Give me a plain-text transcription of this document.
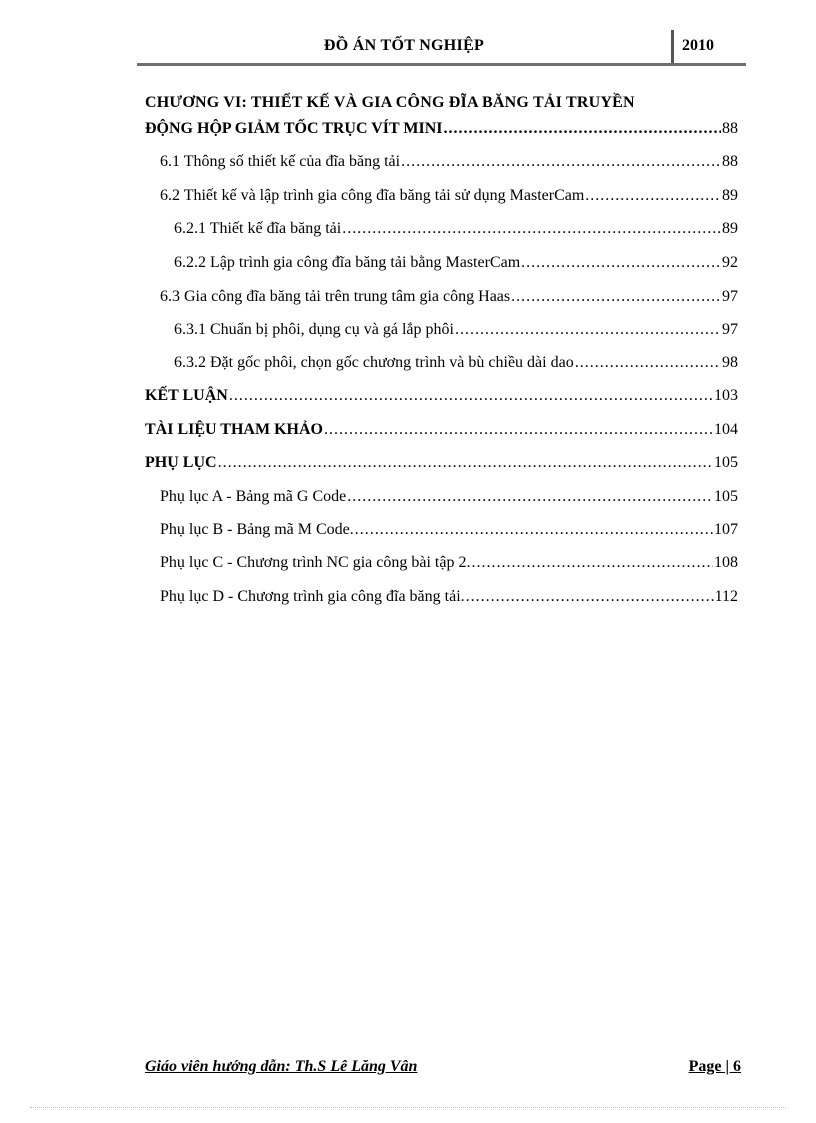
ĐỒ ÁN TỐT NGHIỆP	2010
CHƯƠNG VI: THIẾT KẾ VÀ GIA CÔNG ĐĨA BĂNG TẢI TRUYỀN
ĐỘNG HỘP GIẢM TỐC TRỤC VÍT MINI .....	88
6.1 Thông số thiết kế của đĩa băng tải .....	88
6.2 Thiết kế và lập trình gia công đĩa băng tải sử dụng MasterCam .....	89
6.2.1 Thiết kế đĩa băng tải .....	89
6.2.2 Lập trình gia công đĩa băng tải bằng MasterCam .....	92
6.3 Gia công đĩa băng tải trên trung tâm gia công Haas .....	97
6.3.1 Chuẩn bị phôi, dụng cụ và gá lắp phôi .....	97
6.3.2 Đặt gốc phôi, chọn gốc chương trình và bù chiều dài dao .....	98
KẾT LUẬN .....	103
TÀI LIỆU THAM KHẢO .....	104
PHỤ LỤC .....	105
Phụ lục A - Bảng mã G Code .....	105
Phụ lục B - Bảng mã M Code. .....	107
Phụ lục C - Chương trình NC gia công bài tập 2. .....	108
Phụ lục D - Chương trình gia công đĩa băng tải. .....	112
Giáo viên hướng dẫn: Th.S Lê Lăng Vân	Page | 6
